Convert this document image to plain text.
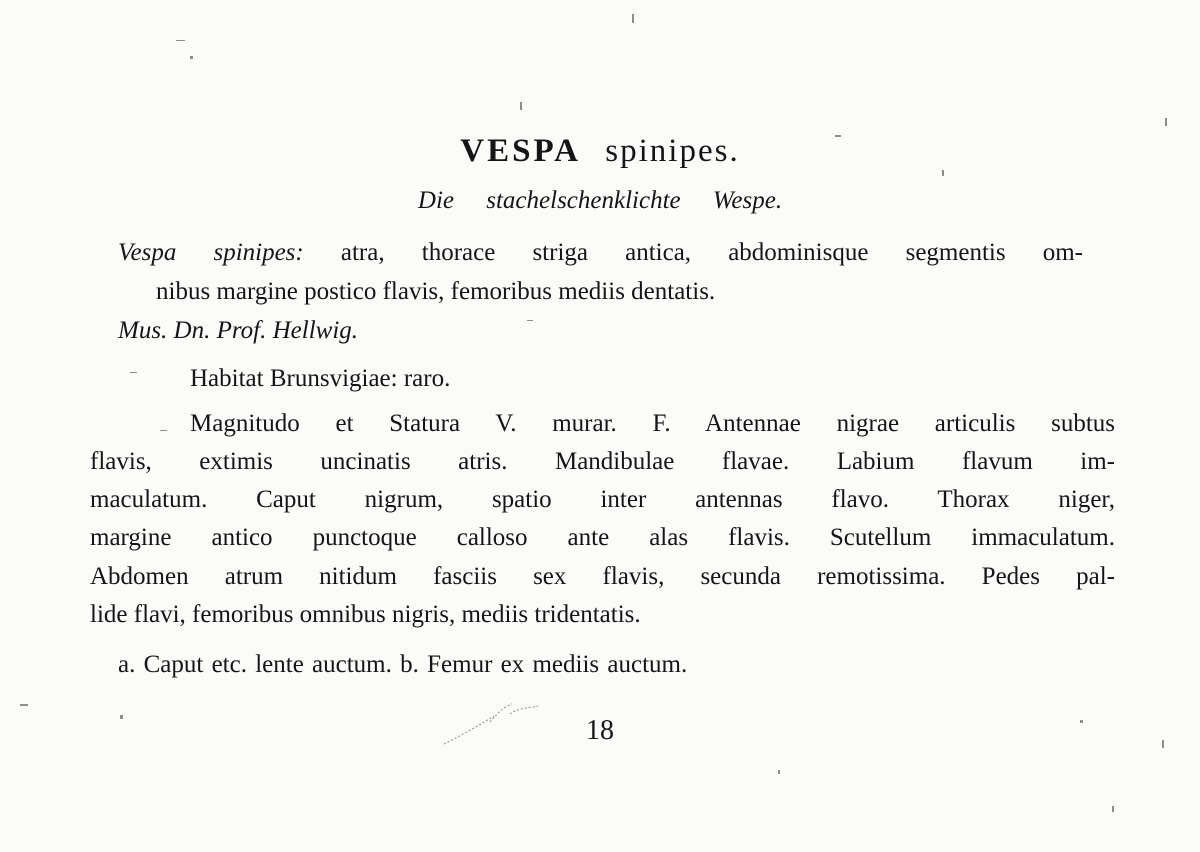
VESPA spinipes.
Die stachelschenklichte Wespe.
Vespa spinipes: atra, thorace striga antica, abdominisque segmentis om-
nibus margine postico flavis, femoribus mediis dentatis.
Mus. Dn. Prof. Hellwig.
Habitat Brunsvigiae: raro.
Magnitudo et Statura V. murar. F. Antennae nigrae articulis subtus
flavis, extimis uncinatis atris. Mandibulae flavae. Labium flavum im-
maculatum. Caput nigrum, spatio inter antennas flavo. Thorax niger,
margine antico punctoque calloso ante alas flavis. Scutellum immaculatum.
Abdomen atrum nitidum fasciis sex flavis, secunda remotissima. Pedes pal-
lide flavi, femoribus omnibus nigris, mediis tridentatis.
a. Caput etc. lente auctum. b. Femur ex mediis auctum.
18
